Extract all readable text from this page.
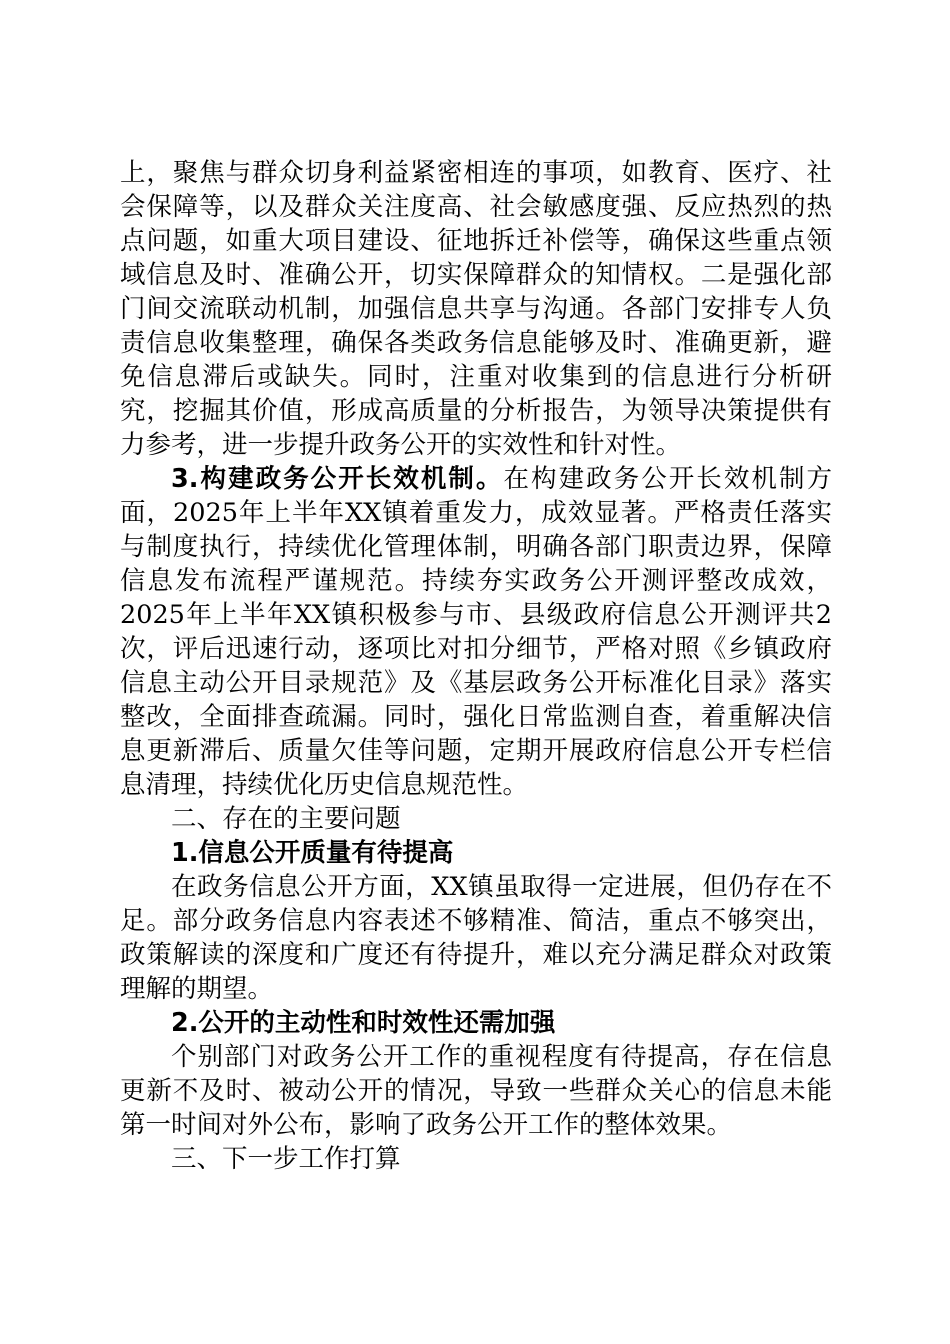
上，聚焦与群众切身利益紧密相连的事项，如教育、医疗、社会保障等，以及群众关注度高、社会敏感度强、反应热烈的热点问题，如重大项目建设、征地拆迁补偿等，确保这些重点领域信息及时、准确公开，切实保障群众的知情权。二是强化部门间交流联动机制，加强信息共享与沟通。各部门安排专人负责信息收集整理，确保各类政务信息能够及时、准确更新，避免信息滞后或缺失。同时，注重对收集到的信息进行分析研究，挖掘其价值，形成高质量的分析报告，为领导决策提供有力参考，进一步提升政务公开的实效性和针对性。

3.构建政务公开长效机制。在构建政务公开长效机制方面，2025年上半年XX镇着重发力，成效显著。严格责任落实与制度执行，持续优化管理体制，明确各部门职责边界，保障信息发布流程严谨规范。持续夯实政务公开测评整改成效，2025年上半年XX镇积极参与市、县级政府信息公开测评共2次，评后迅速行动，逐项比对扣分细节，严格对照《乡镇政府信息主动公开目录规范》及《基层政务公开标准化目录》落实整改，全面排查疏漏。同时，强化日常监测自查，着重解决信息更新滞后、质量欠佳等问题，定期开展政府信息公开专栏信息清理，持续优化历史信息规范性。

二、存在的主要问题

1.信息公开质量有待提高

在政务信息公开方面，XX镇虽取得一定进展，但仍存在不足。部分政务信息内容表述不够精准、简洁，重点不够突出，政策解读的深度和广度还有待提升，难以充分满足群众对政策理解的期望。

2.公开的主动性和时效性还需加强

个别部门对政务公开工作的重视程度有待提高，存在信息更新不及时、被动公开的情况，导致一些群众关心的信息未能第一时间对外公布，影响了政务公开工作的整体效果。

三、下一步工作打算
